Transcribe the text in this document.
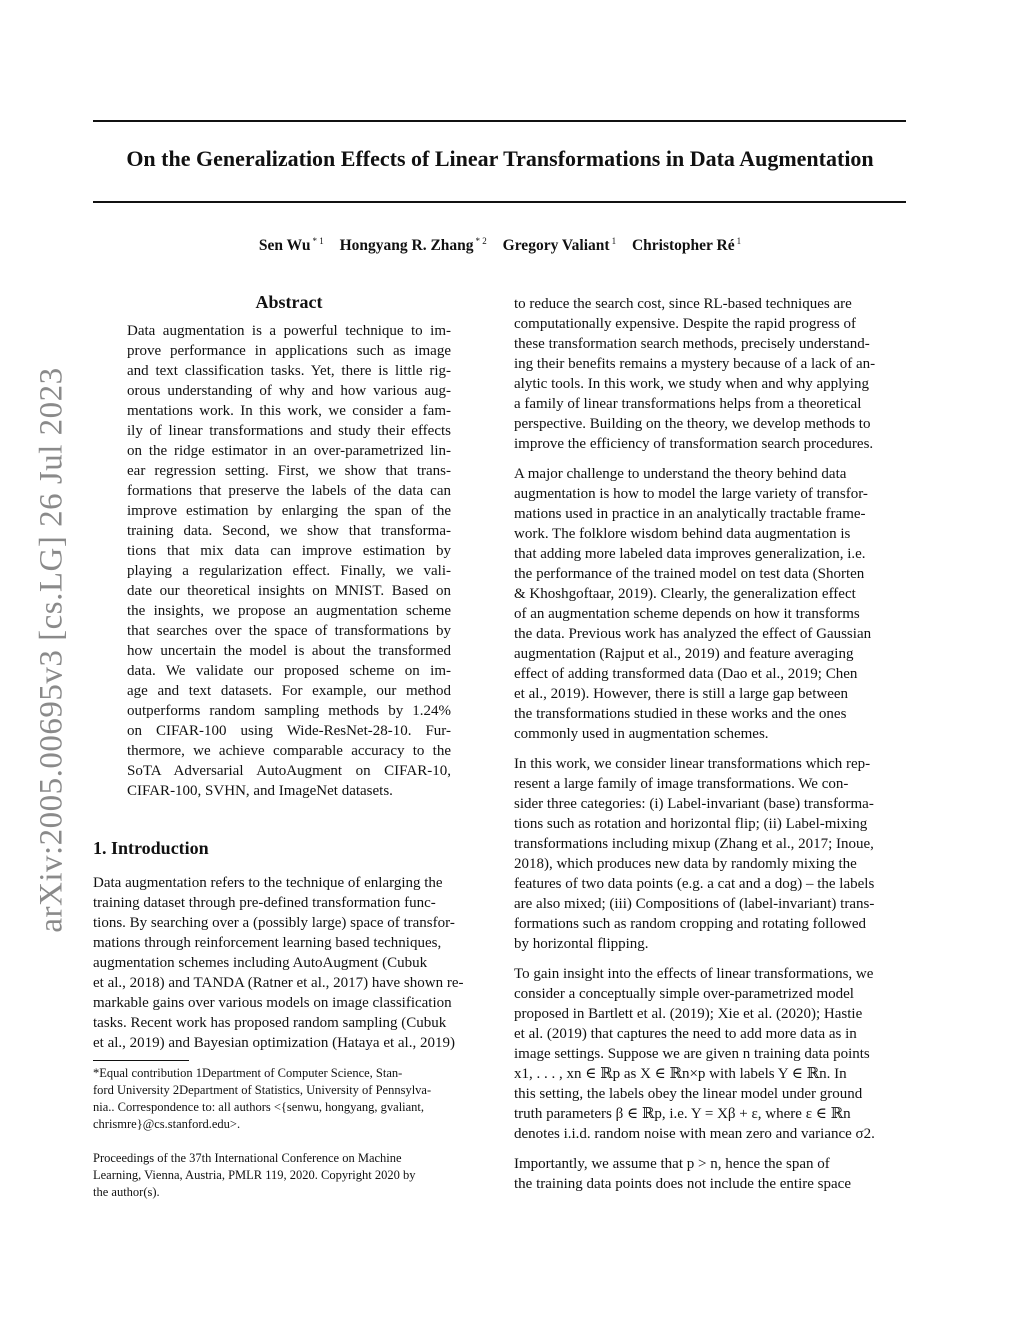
On the Generalization Effects of Linear Transformations in Data Augmentation
Sen Wu $^{* 1}$ Hongyang R. Zhang $^{* 2}$ Gregory Valiant $^1$ Christopher Ré $^1$
arXiv:2005.00695v3 [cs.LG] 26 Jul 2023
Abstract
Data augmentation is a powerful technique to im-
prove performance in applications such as image
and text classification tasks. Yet, there is little rig-
orous understanding of why and how various aug-
mentations work. In this work, we consider a fam-
ily of linear transformations and study their effects
on the ridge estimator in an over-parametrized lin-
ear regression setting. First, we show that trans-
formations that preserve the labels of the data can
improve estimation by enlarging the span of the
training data. Second, we show that transforma-
tions that mix data can improve estimation by
playing a regularization effect. Finally, we vali-
date our theoretical insights on MNIST. Based on
the insights, we propose an augmentation scheme
that searches over the space of transformations by
how uncertain the model is about the transformed
data. We validate our proposed scheme on im-
age and text datasets. For example, our method
outperforms random sampling methods by 1.24%
on CIFAR-100 using Wide-ResNet-28-10. Fur-
thermore, we achieve comparable accuracy to the
SoTA Adversarial AutoAugment on CIFAR-10,
CIFAR-100, SVHN, and ImageNet datasets.
1. Introduction
Data augmentation refers to the technique of enlarging the
training dataset through pre-defined transformation func-
tions. By searching over a (possibly large) space of transfor-
mations through reinforcement learning based techniques,
augmentation schemes including AutoAugment (Cubuk
et al., 2018) and TANDA (Ratner et al., 2017) have shown re-
markable gains over various models on image classification
tasks. Recent work has proposed random sampling (Cubuk
et al., 2019) and Bayesian optimization (Hataya et al., 2019)
*Equal contribution 1Department of Computer Science, Stan-
ford University 2Department of Statistics, University of Pennsylva-
nia.. Correspondence to: all authors <{senwu, hongyang, gvaliant,
chrismre}@cs.stanford.edu>.
Proceedings of the 37th International Conference on Machine
Learning, Vienna, Austria, PMLR 119, 2020. Copyright 2020 by
the author(s).
to reduce the search cost, since RL-based techniques are
computationally expensive. Despite the rapid progress of
these transformation search methods, precisely understand-
ing their benefits remains a mystery because of a lack of an-
alytic tools. In this work, we study when and why applying
a family of linear transformations helps from a theoretical
perspective. Building on the theory, we develop methods to
improve the efficiency of transformation search procedures.
A major challenge to understand the theory behind data
augmentation is how to model the large variety of transfor-
mations used in practice in an analytically tractable frame-
work. The folklore wisdom behind data augmentation is
that adding more labeled data improves generalization, i.e.
the performance of the trained model on test data (Shorten
& Khoshgoftaar, 2019). Clearly, the generalization effect
of an augmentation scheme depends on how it transforms
the data. Previous work has analyzed the effect of Gaussian
augmentation (Rajput et al., 2019) and feature averaging
effect of adding transformed data (Dao et al., 2019; Chen
et al., 2019). However, there is still a large gap between
the transformations studied in these works and the ones
commonly used in augmentation schemes.
In this work, we consider linear transformations which rep-
resent a large family of image transformations. We con-
sider three categories: (i) Label-invariant (base) transforma-
tions such as rotation and horizontal flip; (ii) Label-mixing
transformations including mixup (Zhang et al., 2017; Inoue,
2018), which produces new data by randomly mixing the
features of two data points (e.g. a cat and a dog) – the labels
are also mixed; (iii) Compositions of (label-invariant) trans-
formations such as random cropping and rotating followed
by horizontal flipping.
To gain insight into the effects of linear transformations, we
consider a conceptually simple over-parametrized model
proposed in Bartlett et al. (2019); Xie et al. (2020); Hastie
et al. (2019) that captures the need to add more data as in
image settings. Suppose we are given n training data points
x1, . . . , xn ∈ ℝp as X ∈ ℝn×p with labels Y ∈ ℝn. In
this setting, the labels obey the linear model under ground
truth parameters β ∈ ℝp, i.e. Y = Xβ + ε, where ε ∈ ℝn
denotes i.i.d. random noise with mean zero and variance σ2.
Importantly, we assume that p > n, hence the span of
the training data points does not include the entire space
